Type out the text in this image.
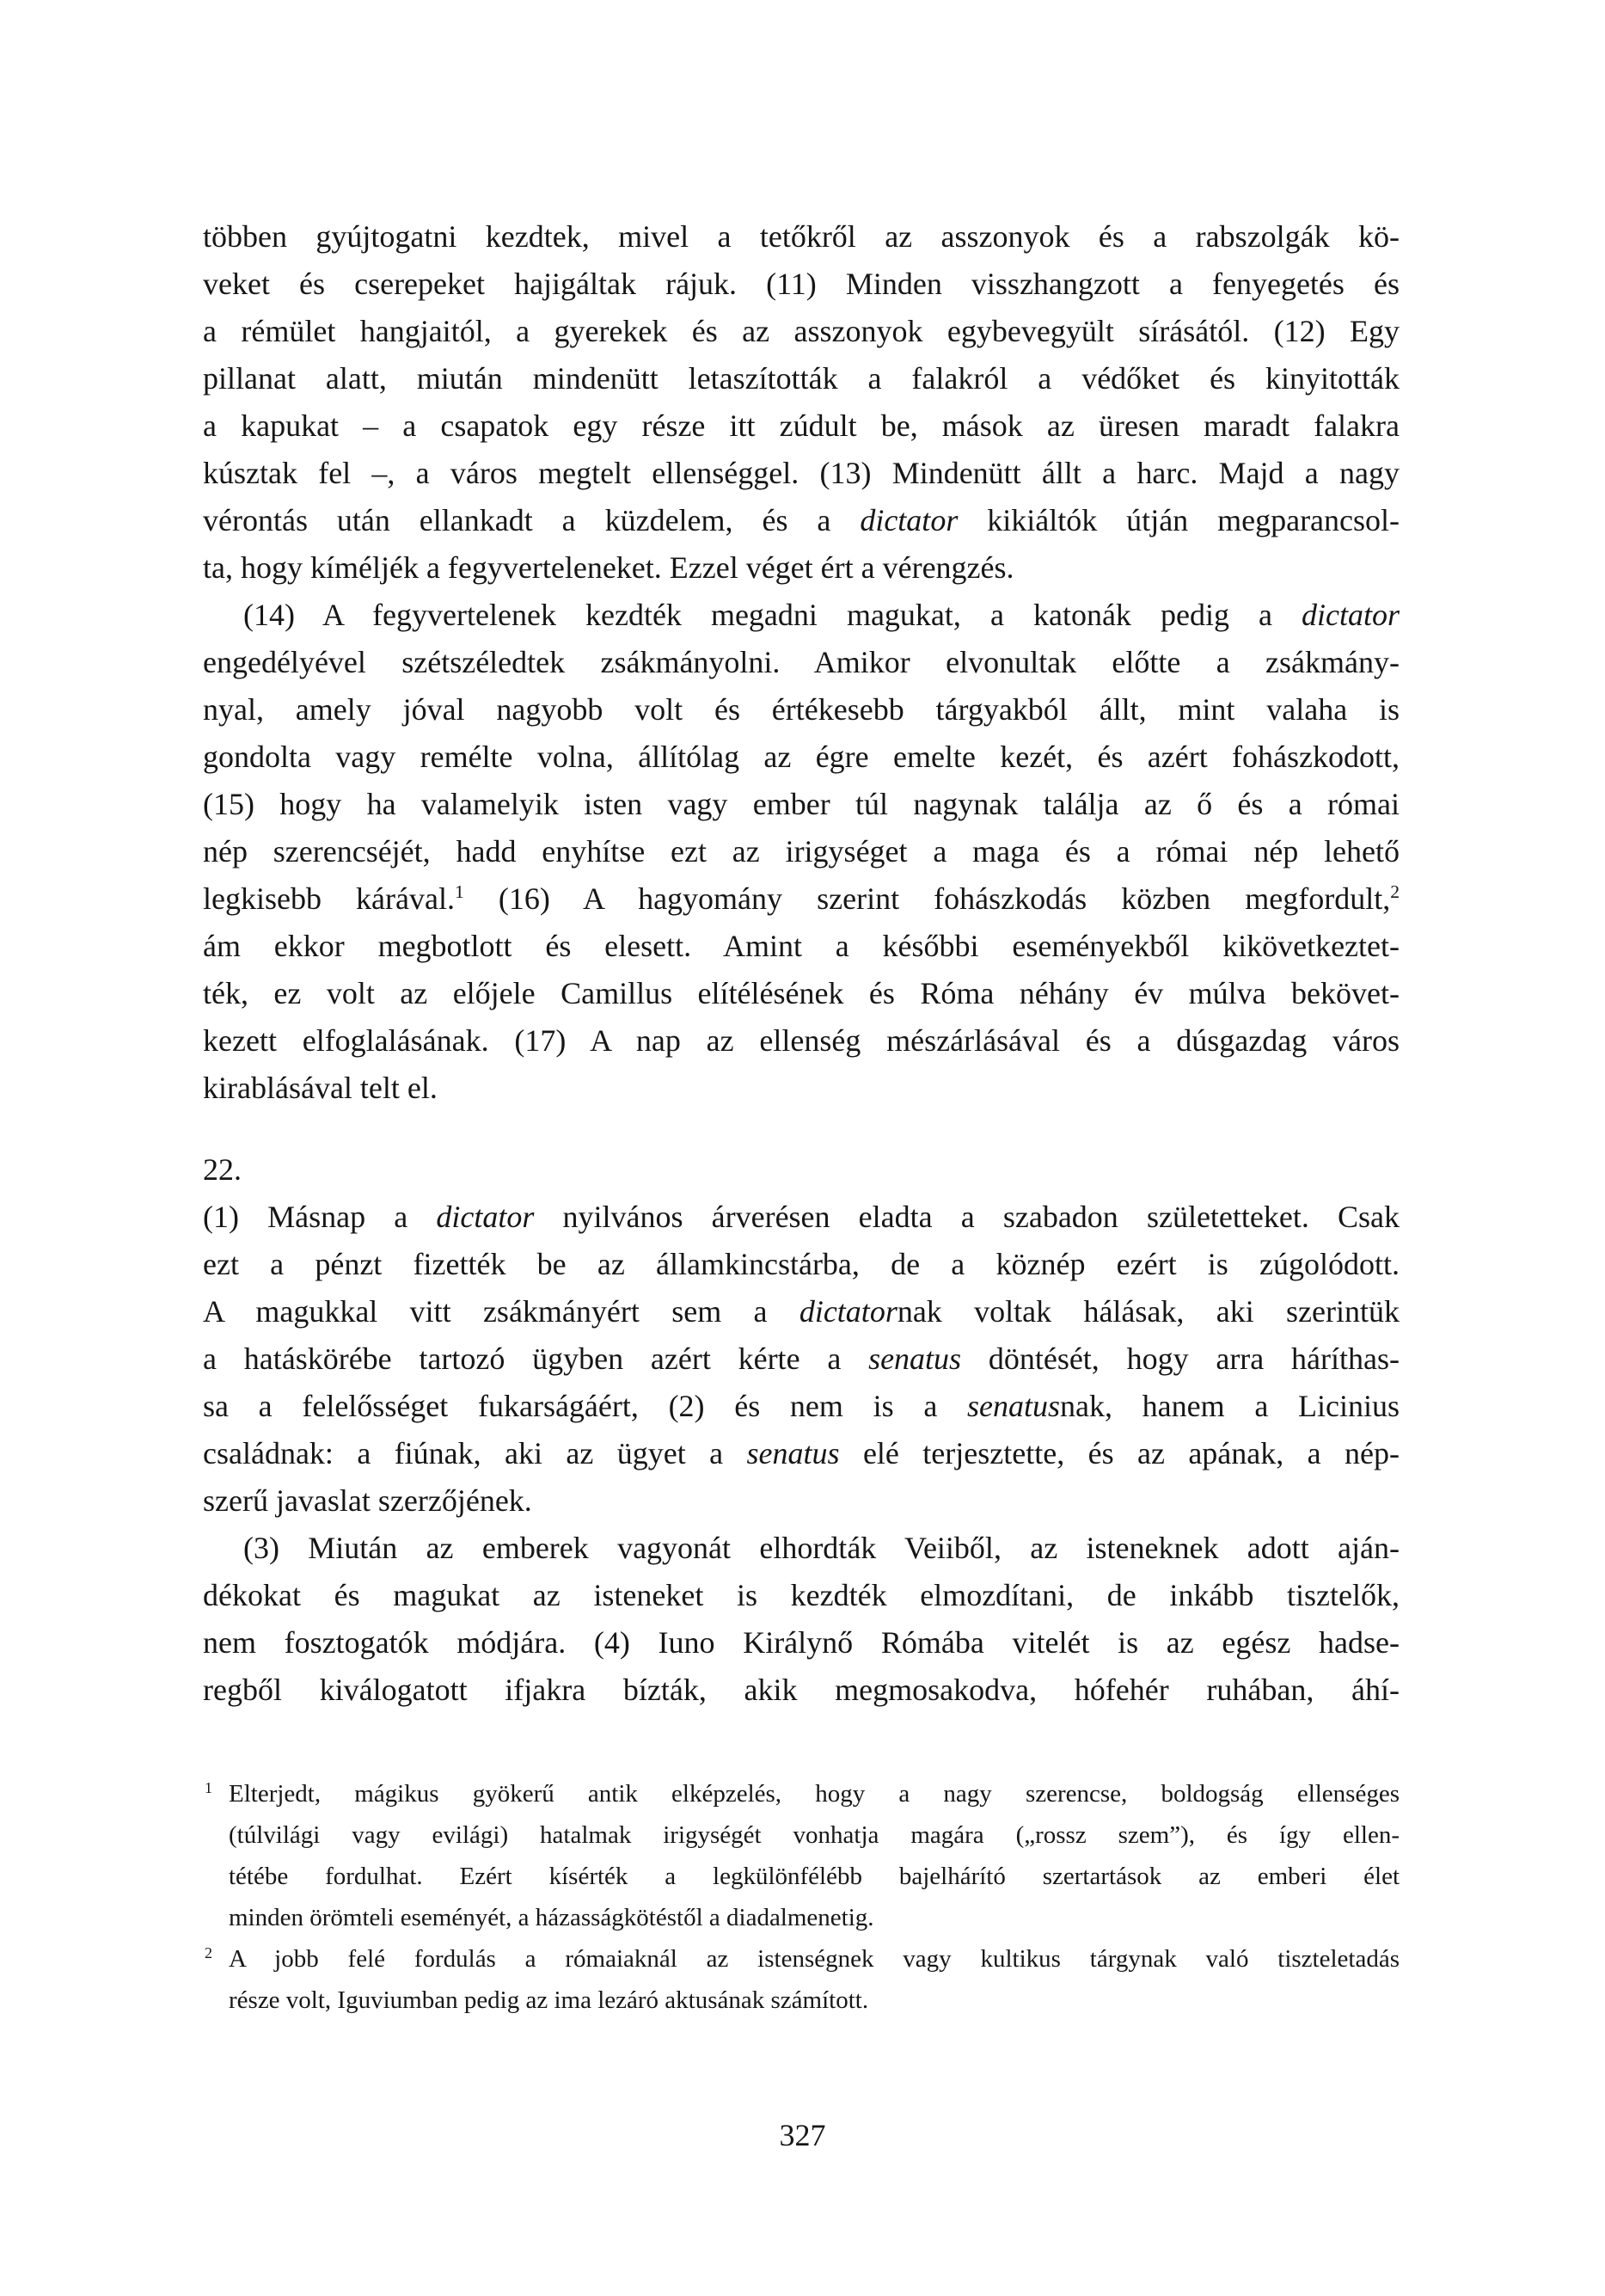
többen gyújtogatni kezdtek, mivel a tetőkről az asszonyok és a rabszolgák kö-
veket és cserepeket hajigáltak rájuk. (11) Minden visszhangzott a fenyegetés és
a rémület hangjaitól, a gyerekek és az asszonyok egybevegyült sírásától. (12) Egy
pillanat alatt, miután mindenütt letaszították a falakról a védőket és kinyitották
a kapukat – a csapatok egy része itt zúdult be, mások az üresen maradt falakra
kúsztak fel –, a város megtelt ellenséggel. (13) Mindenütt állt a harc. Majd a nagy
vérontás után ellankadt a küzdelem, és a dictator kikiáltók útján megparancsol-
ta, hogy kíméljék a fegyverteleneket. Ezzel véget ért a vérengzés.
(14) A fegyvertelenek kezdték megadni magukat, a katonák pedig a dictator
engedélyével szétszéledtek zsákmányolni. Amikor elvonultak előtte a zsákmány-
nyal, amely jóval nagyobb volt és értékesebb tárgyakból állt, mint valaha is
gondolta vagy remélte volna, állítólag az égre emelte kezét, és azért fohászkodott,
(15) hogy ha valamelyik isten vagy ember túl nagynak találja az ő és a római
nép szerencséjét, hadd enyhítse ezt az irigységet a maga és a római nép lehető
legkisebb kárával.$^1$ (16) A hagyomány szerint fohászkodás közben megfordult,$^2$
ám ekkor megbotlott és elesett. Amint a későbbi eseményekből kikövetkeztet-
ték, ez volt az előjele Camillus elítélésének és Róma néhány év múlva bekövet-
kezett elfoglalásának. (17) A nap az ellenség mészárlásával és a dúsgazdag város
kirablásával telt el.
22.
(1) Másnap a dictator nyilvános árverésen eladta a szabadon születetteket. Csak
ezt a pénzt fizették be az államkincstárba, de a köznép ezért is zúgolódott.
A magukkal vitt zsákmányért sem a dictatornak voltak hálásak, aki szerintük
a hatáskörébe tartozó ügyben azért kérte a senatus döntését, hogy arra háríthas-
sa a felelősséget fukarságáért, (2) és nem is a senatusnak, hanem a Licinius
családnak: a fiúnak, aki az ügyet a senatus elé terjesztette, és az apának, a nép-
szerű javaslat szerzőjének.
(3) Miután az emberek vagyonát elhordták Veiiből, az isteneknek adott aján-
dékokat és magukat az isteneket is kezdték elmozdítani, de inkább tisztelők,
nem fosztogatók módjára. (4) Iuno Királynő Rómába vitelét is az egész hadse-
regből kiválogatott ifjakra bízták, akik megmosakodva, hófehér ruhában, áhí-
1 Elterjedt, mágikus gyökerű antik elképzelés, hogy a nagy szerencse, boldogság ellenséges
(túlvilági vagy evilági) hatalmak irigységét vonhatja magára („rossz szem”), és így ellen-
tétébe fordulhat. Ezért kísérték a legkülönfélébb bajelhárító szertartások az emberi élet
minden örömteli eseményét, a házasságkötéstől a diadalmenetig.
2 A jobb felé fordulás a rómaiaknál az istenségnek vagy kultikus tárgynak való tiszteletadás
része volt, Iguviumban pedig az ima lezáró aktusának számított.
327
